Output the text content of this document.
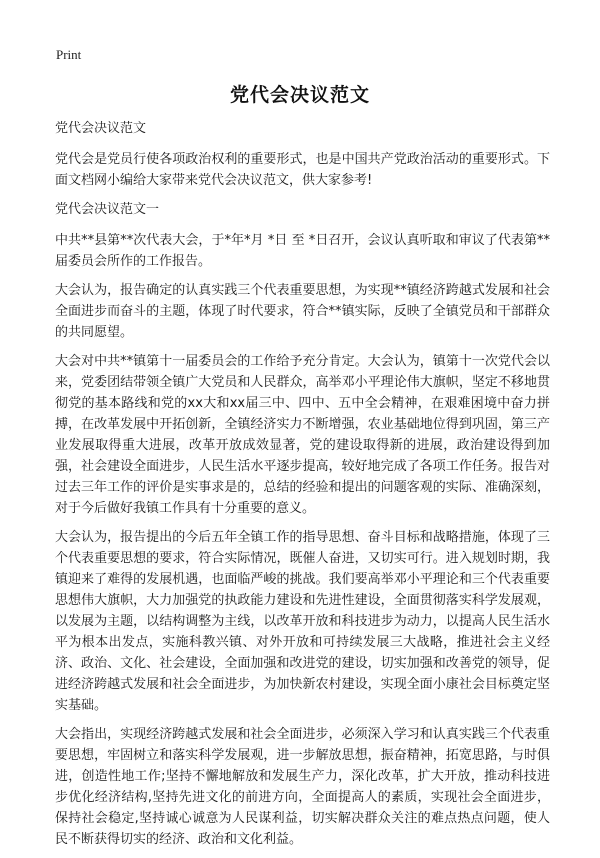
Print
党代会决议范文

党代会决议范文

党代会是党员行使各项政治权利的重要形式，也是中国共产党政治活动的重要形式。下面文档网小编给大家带来党代会决议范文，供大家参考!

党代会决议范文一

中共**县第**次代表大会，于*年*月 *日 至 *日召开，会议认真听取和审议了代表第**届委员会所作的工作报告。

大会认为，报告确定的认真实践三个代表重要思想，为实现**镇经济跨越式发展和社会全面进步而奋斗的主题，体现了时代要求，符合**镇实际，反映了全镇党员和干部群众的共同愿望。

大会对中共**镇第十一届委员会的工作给予充分肯定。大会认为，镇第十一次党代会以来，党委团结带领全镇广大党员和人民群众，高举邓小平理论伟大旗帜，坚定不移地贯彻党的基本路线和党的xx大和xx届三中、四中、五中全会精神，在艰难困境中奋力拼搏，在改革发展中开拓创新，全镇经济实力不断增强，农业基础地位得到巩固，第三产业发展取得重大进展，改革开放成效显著，党的建设取得新的进展，政治建设得到加强，社会建设全面进步，人民生活水平逐步提高，较好地完成了各项工作任务。报告对过去三年工作的评价是实事求是的，总结的经验和提出的问题客观的实际、准确深刻，对于今后做好我镇工作具有十分重要的意义。

大会认为，报告提出的今后五年全镇工作的指导思想、奋斗目标和战略措施，体现了三个代表重要思想的要求，符合实际情况，既催人奋进，又切实可行。进入规划时期，我镇迎来了难得的发展机遇，也面临严峻的挑战。我们要高举邓小平理论和三个代表重要思想伟大旗帜，大力加强党的执政能力建设和先进性建设，全面贯彻落实科学发展观，以发展为主题，以结构调整为主线，以改革开放和科技进步为动力，以提高人民生活水平为根本出发点，实施科教兴镇、对外开放和可持续发展三大战略，推进社会主义经济、政治、文化、社会建设，全面加强和改进党的建设，切实加强和改善党的领导，促进经济跨越式发展和社会全面进步，为加快新农村建设，实现全面小康社会目标奠定坚实基础。

大会指出，实现经济跨越式发展和社会全面进步，必须深入学习和认真实践三个代表重要思想，牢固树立和落实科学发展观，进一步解放思想，振奋精神，拓宽思路，与时俱进，创造性地工作;坚持不懈地解放和发展生产力，深化改革，扩大开放，推动科技进步优化经济结构,坚持先进文化的前进方向，全面提高人的素质，实现社会全面进步，保持社会稳定,坚持诚心诚意为人民谋利益，切实解决群众关注的难点热点问题，使人民不断获得切实的经济、政治和文化利益。
